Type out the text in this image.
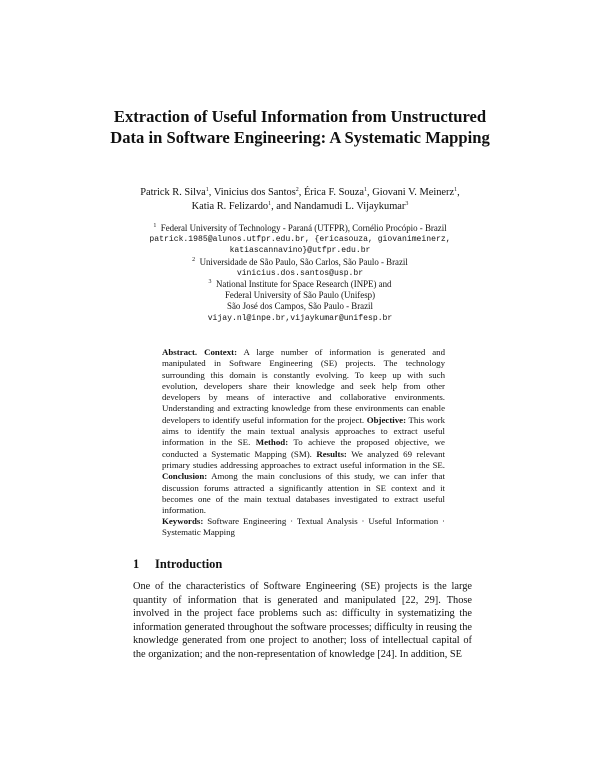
Extraction of Useful Information from Unstructured Data in Software Engineering: A Systematic Mapping
Patrick R. Silva$^1$, Vinicius dos Santos$^2$, Érica F. Souza$^1$, Giovani V. Meinerz$^1$,
Katia R. Felizardo$^1$, and Nandamudi L. Vijaykumar$^3$
$^1$ Federal University of Technology - Paraná (UTFPR), Cornélio Procópio - Brazil
patrick.1985@alunos.utfpr.edu.br, {ericasouza, giovanimeinerz, katiascannavino}@utfpr.edu.br
$^2$ Universidade de São Paulo, São Carlos, São Paulo - Brazil
vinicius.dos.santos@usp.br
$^3$ National Institute for Space Research (INPE) and
Federal University of São Paulo (Unifesp)
São José dos Campos, São Paulo - Brazil
vijay.nl@inpe.br,vijaykumar@unifesp.br
Abstract. Context: A large number of information is generated and manipulated in Software Engineering (SE) projects. The technology surrounding this domain is constantly evolving. To keep up with such evolution, developers share their knowledge and seek help from other developers by means of interactive and collaborative environments. Understanding and extracting knowledge from these environments can enable developers to identify useful information for the project. Objective: This work aims to identify the main textual analysis approaches to extract useful information in the SE. Method: To achieve the proposed objective, we conducted a Systematic Mapping (SM). Results: We analyzed 69 relevant primary studies addressing approaches to extract useful information in the SE. Conclusion: Among the main conclusions of this study, we can infer that discussion forums attracted a significantly attention in SE context and it becomes one of the main textual databases investigated to extract useful information.
Keywords: Software Engineering · Textual Analysis · Useful Information · Systematic Mapping
1 Introduction
One of the characteristics of Software Engineering (SE) projects is the large quantity of information that is generated and manipulated [22, 29]. Those involved in the project face problems such as: difficulty in systematizing the information generated throughout the software processes; difficulty in reusing the knowledge generated from one project to another; loss of intellectual capital of the organization; and the non-representation of knowledge [24]. In addition, SE
